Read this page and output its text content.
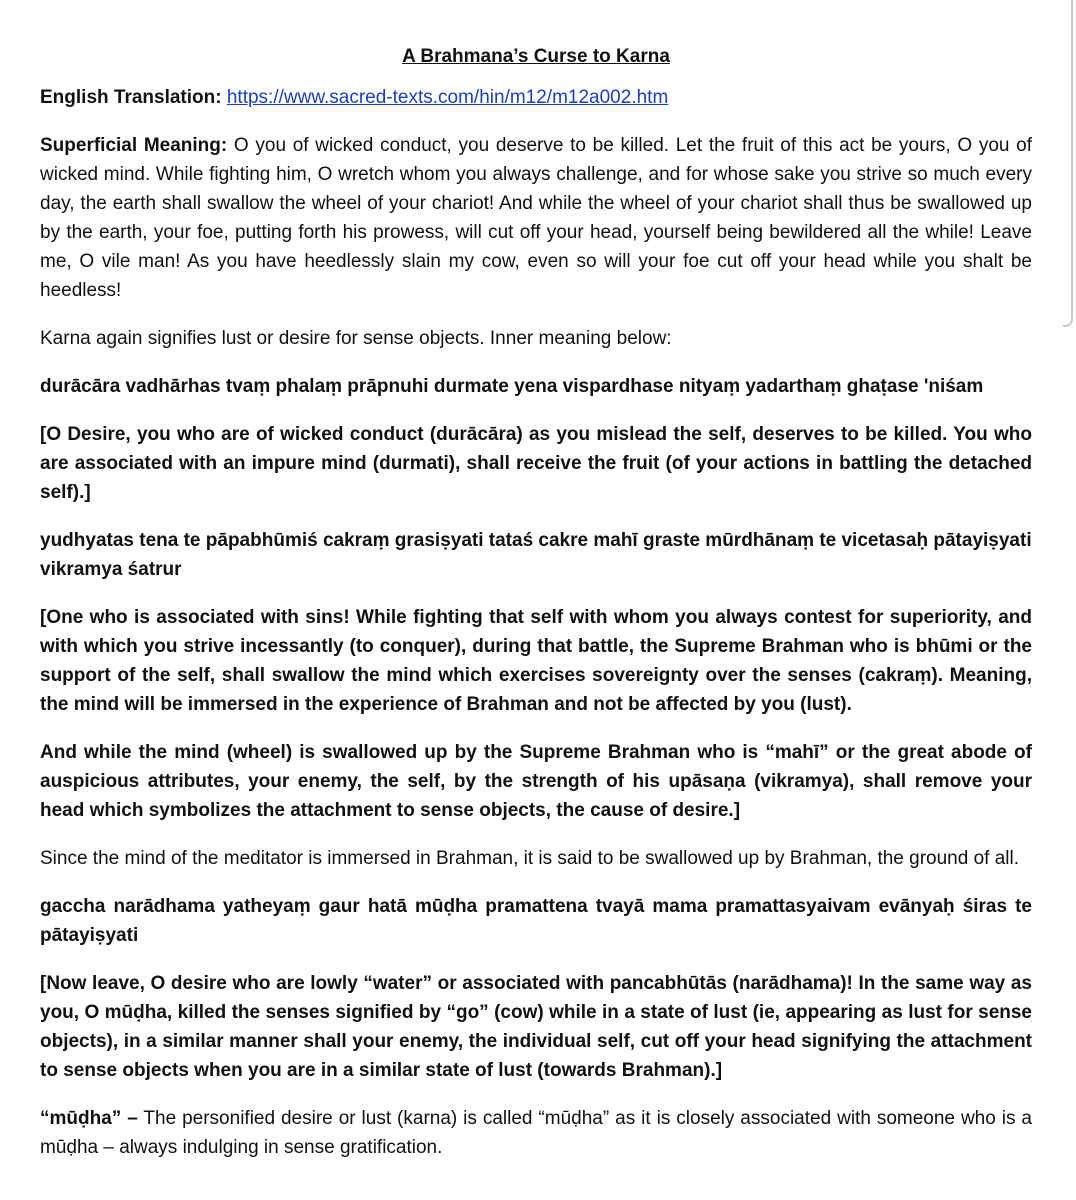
A Brahmana’s Curse to Karna

English Translation: https://www.sacred-texts.com/hin/m12/m12a002.htm

Superficial Meaning: O you of wicked conduct, you deserve to be killed. Let the fruit of this act be yours, O you of wicked mind. While fighting him, O wretch whom you always challenge, and for whose sake you strive so much every day, the earth shall swallow the wheel of your chariot! And while the wheel of your chariot shall thus be swallowed up by the earth, your foe, putting forth his prowess, will cut off your head, yourself being bewildered all the while! Leave me, O vile man! As you have heedlessly slain my cow, even so will your foe cut off your head while you shalt be heedless!

Karna again signifies lust or desire for sense objects. Inner meaning below:

durācāra vadhārhas tvaṃ phalaṃ prāpnuhi durmate yena vispardhase nityaṃ yadarthaṃ ghaṭase 'niśam

[O Desire, you who are of wicked conduct (durācāra) as you mislead the self, deserves to be killed. You who are associated with an impure mind (durmati), shall receive the fruit (of your actions in battling the detached self).]

yudhyatas tena te pāpabhūmiś cakraṃ grasiṣyati tataś cakre mahī graste mūrdhānaṃ te vicetasaḥ pātayiṣyati vikramya śatrur

[One who is associated with sins! While fighting that self with whom you always contest for superiority, and with which you strive incessantly (to conquer), during that battle, the Supreme Brahman who is bhūmi or the support of the self, shall swallow the mind which exercises sovereignty over the senses (cakraṃ). Meaning, the mind will be immersed in the experience of Brahman and not be affected by you (lust).

And while the mind (wheel) is swallowed up by the Supreme Brahman who is “mahī” or the great abode of auspicious attributes, your enemy, the self, by the strength of his upāsaṇa (vikramya), shall remove your head which symbolizes the attachment to sense objects, the cause of desire.]

Since the mind of the meditator is immersed in Brahman, it is said to be swallowed up by Brahman, the ground of all.

gaccha narādhama yatheyaṃ gaur hatā mūḍha pramattena tvayā mama pramattasyaivam evānyaḥ śiras te pātayiṣyati

[Now leave, O desire who are lowly “water” or associated with pancabhūtās (narādhama)! In the same way as you, O mūḍha, killed the senses signified by “go” (cow) while in a state of lust (ie, appearing as lust for sense objects), in a similar manner shall your enemy, the individual self, cut off your head signifying the attachment to sense objects when you are in a similar state of lust (towards Brahman).]

“mūḍha” – The personified desire or lust (karna) is called “mūḍha” as it is closely associated with someone who is a mūḍha – always indulging in sense gratification.
